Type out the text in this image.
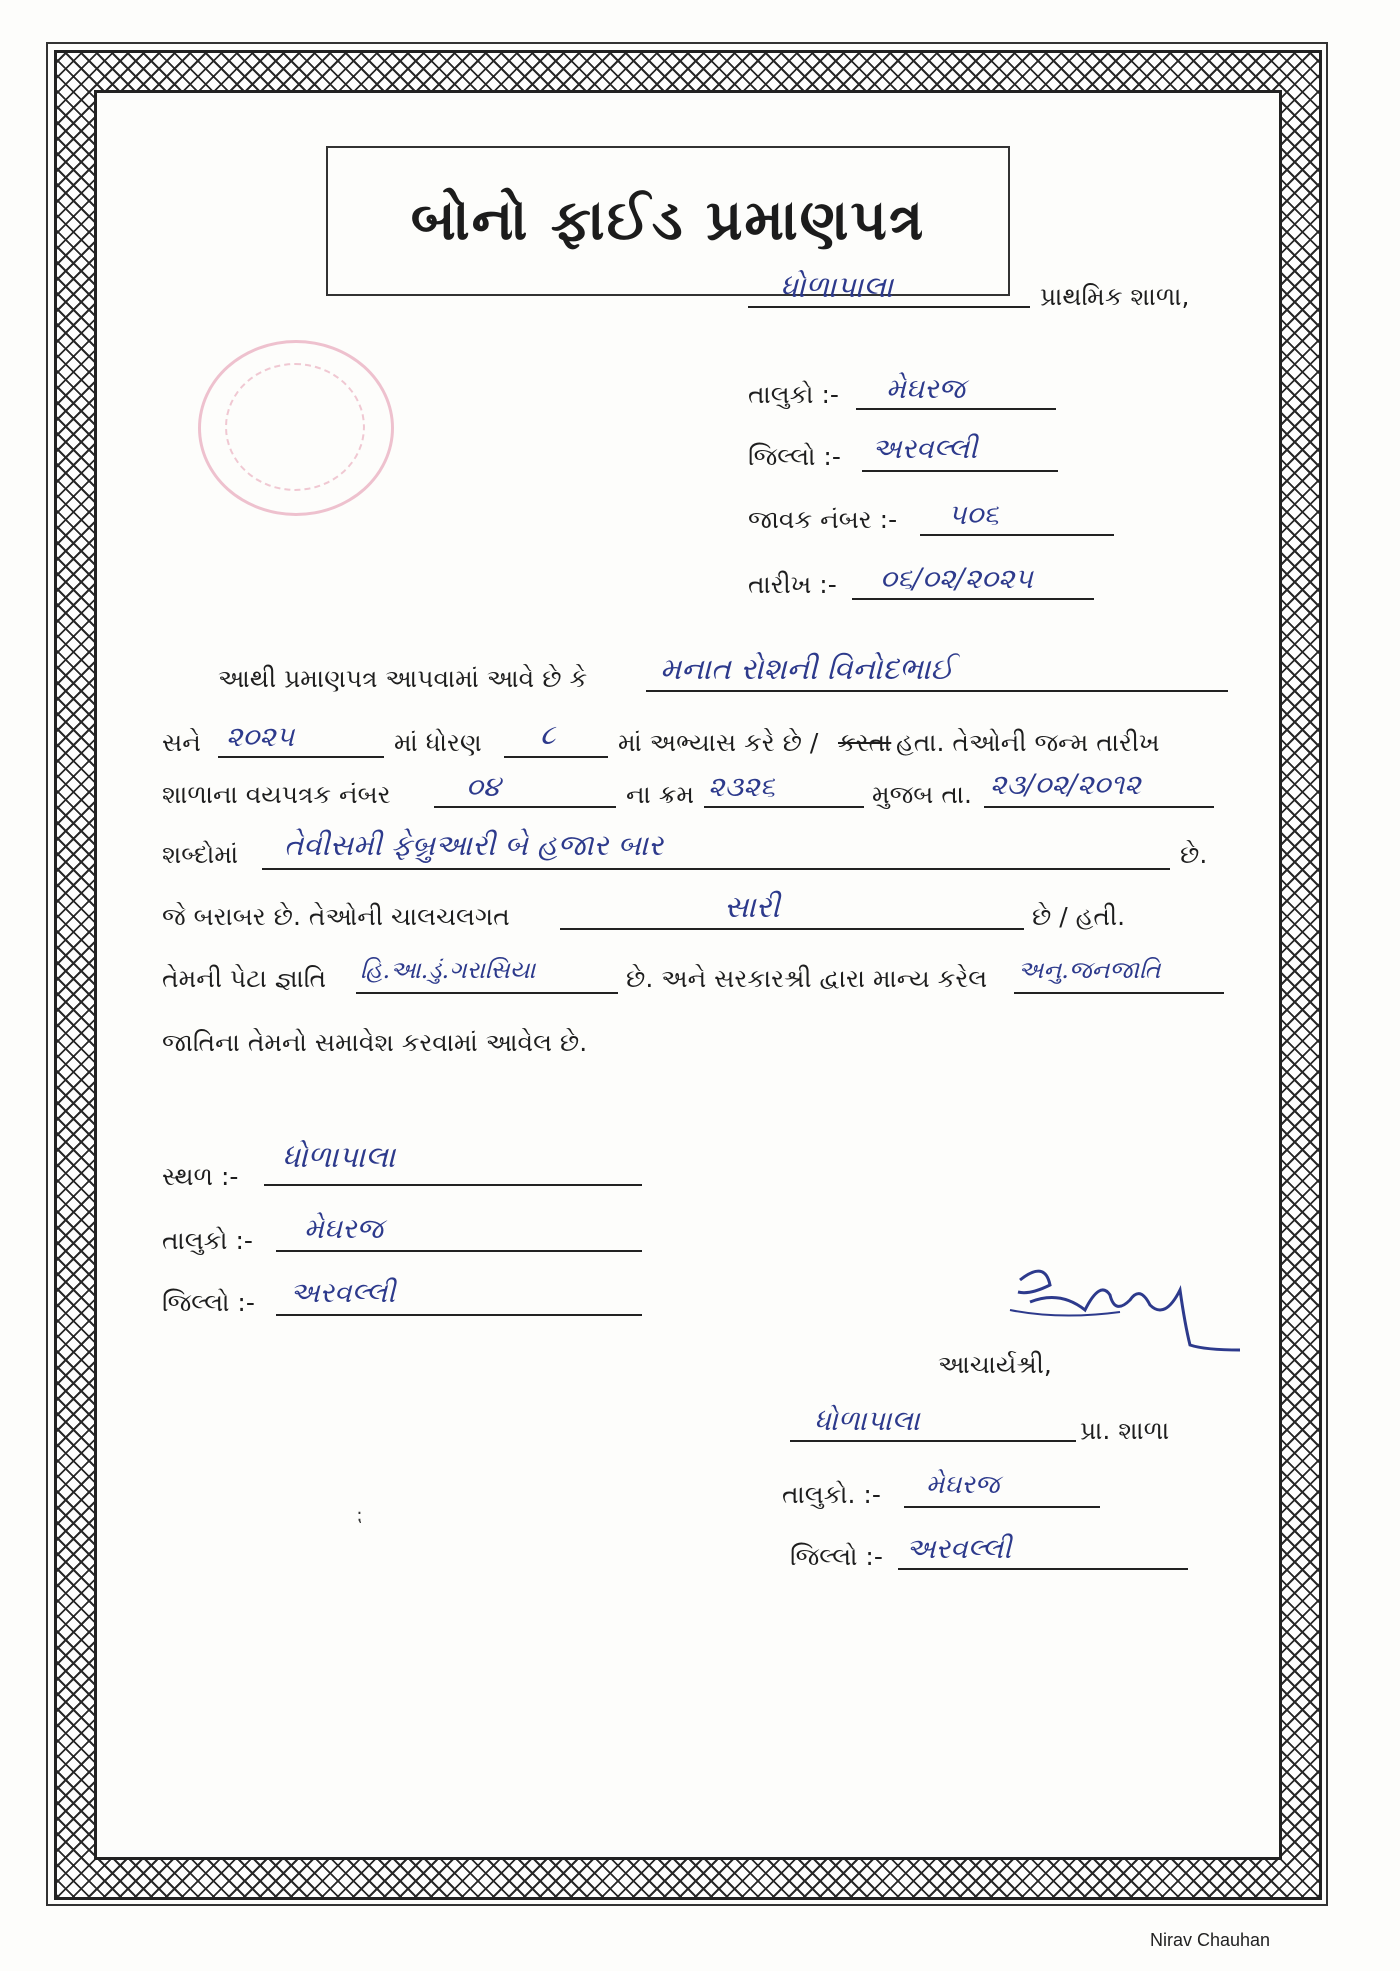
બોનો ફાઈડ પ્રમાણપત્ર
ધોળાપાલા	પ્રાથમિક શાળા,
તાલુકો :- મેઘરજ
જિલ્લો :- અરવલ્લી
જાવક નંબર :- ૫૦૬
તારીખ :- ૦૬/૦૨/૨૦૨૫
આથી પ્રમાણપત્ર આપવામાં આવે છે કે મનાત રોશની વિનોદભાઈ
સને ૨૦૨૫	માં ધોરણ ૮	માં અભ્યાસ કરે છે / કરતા હતા. તેઓની જન્મ તારીખ
શાળાના વયપત્રક નંબર	૦૪	ના ક્રમ ૨૩૨૬	મુજબ તા. ૨૩/૦૨/૨૦૧૨
શબ્દોમાં તેવીસમી ફેબ્રુઆરી બે હજાર બાર	છે.
જે બરાબર છે. તેઓની ચાલચલગત	સારી	છે / હતી.
તેમની પેટા જ્ઞાતિ હિ.આ.ડું.ગરાસિયા	છે. અને સરકારશ્રી દ્વારા માન્ય કરેલ અનુ.જનજાતિ
જાતિના તેમનો સમાવેશ કરવામાં આવેલ છે.
સ્થળ :-
ધોળાપાલા
તાલુકો :- મેઘરજ
જિલ્લો :- અરવલ્લી
આચાર્યશ્રી,
ધોળાપાલા	પ્રા. શાળા
તાલુકો. :- મેઘરજ
જિલ્લો :- અરવલ્લી
⁏
Nirav Chauhan
